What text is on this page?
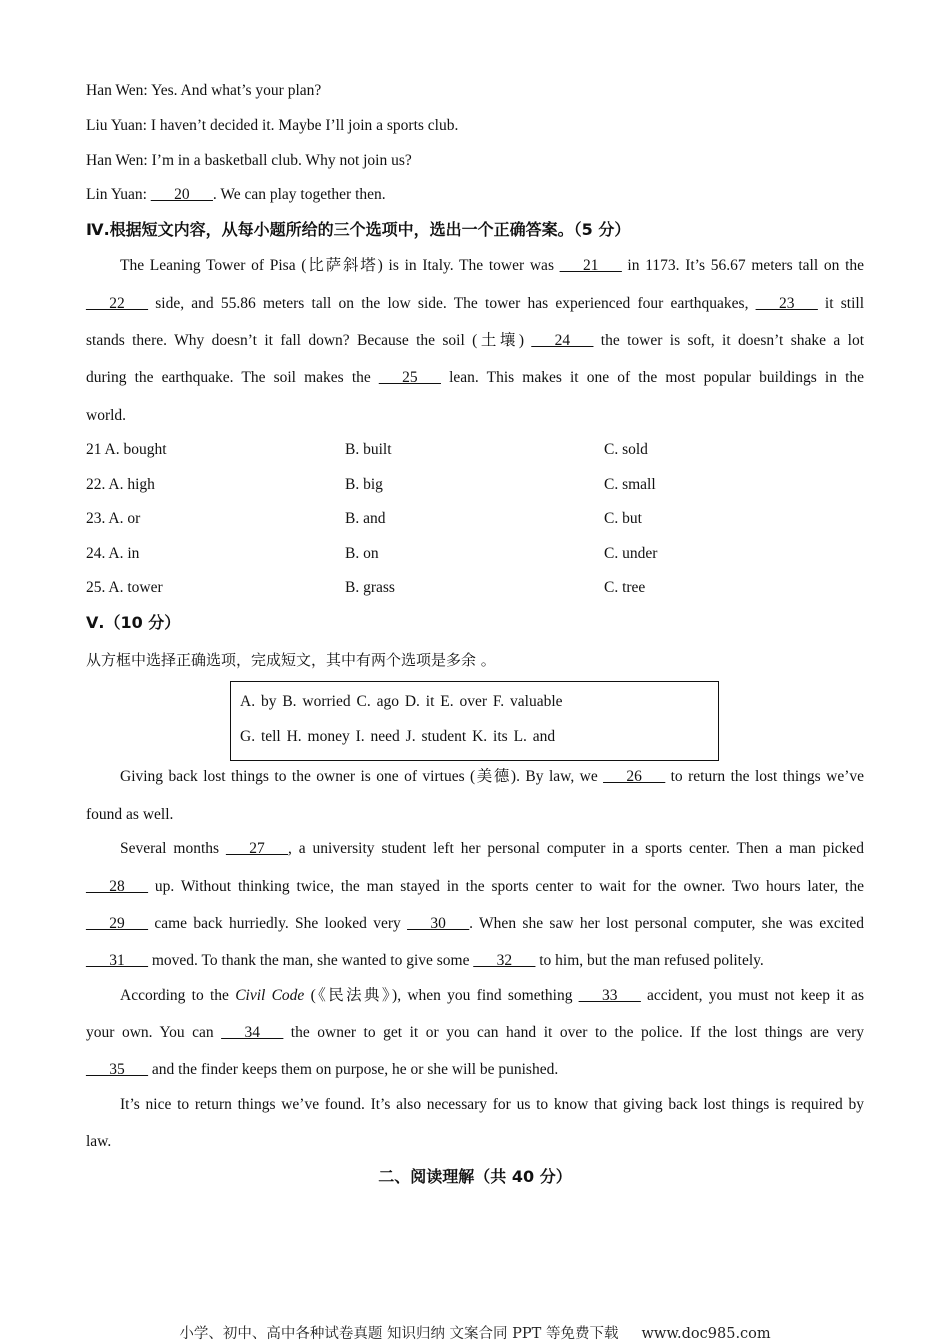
Han Wen: Yes. And what’s your plan?
Liu Yuan: I haven’t decided it. Maybe I’ll join a sports club.
Han Wen: I’m in a basketball club. Why not join us?
Lin Yuan: ___20___. We can play together then.
Ⅳ.根据短文内容，从每小题所给的三个选项中，选出一个正确答案。（5 分）
The Leaning Tower of Pisa (比萨斜塔) is in Italy. The tower was ___21___ in 1173. It’s 56.67 meters tall on the
___22___ side, and 55.86 meters tall on the low side. The tower has experienced four earthquakes, ___23___ it still
stands there. Why doesn’t it fall down? Because the soil (土壤) ___24___ the tower is soft, it doesn’t shake a lot
during the earthquake. The soil makes the ___25___ lean. This makes it one of the most popular buildings in the
world.
21 A. bought	B. built	C. sold
22. A. high	B. big	C. small
23. A. or	B. and	C. but
24. A. in	B. on	C. under
25. A. tower	B. grass	C. tree
Ⅴ.（10 分）
从方框中选择正确选项，完成短文，其中有两个选项是多余 。
A. by B. worried C. ago D. it E. over F. valuable
G. tell H. money I. need J. student K. its L. and
Giving back lost things to the owner is one of virtues (美德). By law, we ___26___ to return the lost things we’ve
found as well.
Several months ___27___, a university student left her personal computer in a sports center. Then a man picked
___28___ up. Without thinking twice, the man stayed in the sports center to wait for the owner. Two hours later, the
___29___ came back hurriedly. She looked very ___30___. When she saw her lost personal computer, she was excited
___31___ moved. To thank the man, she wanted to give some ___32___ to him, but the man refused politely.
According to the Civil Code (《民法典》), when you find something ___33___ accident, you must not keep it as
your own. You can ___34___ the owner to get it or you can hand it over to the police. If the lost things are very
___35___ and the finder keeps them on purpose, he or she will be punished.
It’s nice to return things we’ve found. It’s also necessary for us to know that giving back lost things is required by
law.
二、阅读理解（共 40 分）
小学、初中、高中各种试卷真题 知识归纳 文案合同 PPT 等免费下载 www.doc985.com
